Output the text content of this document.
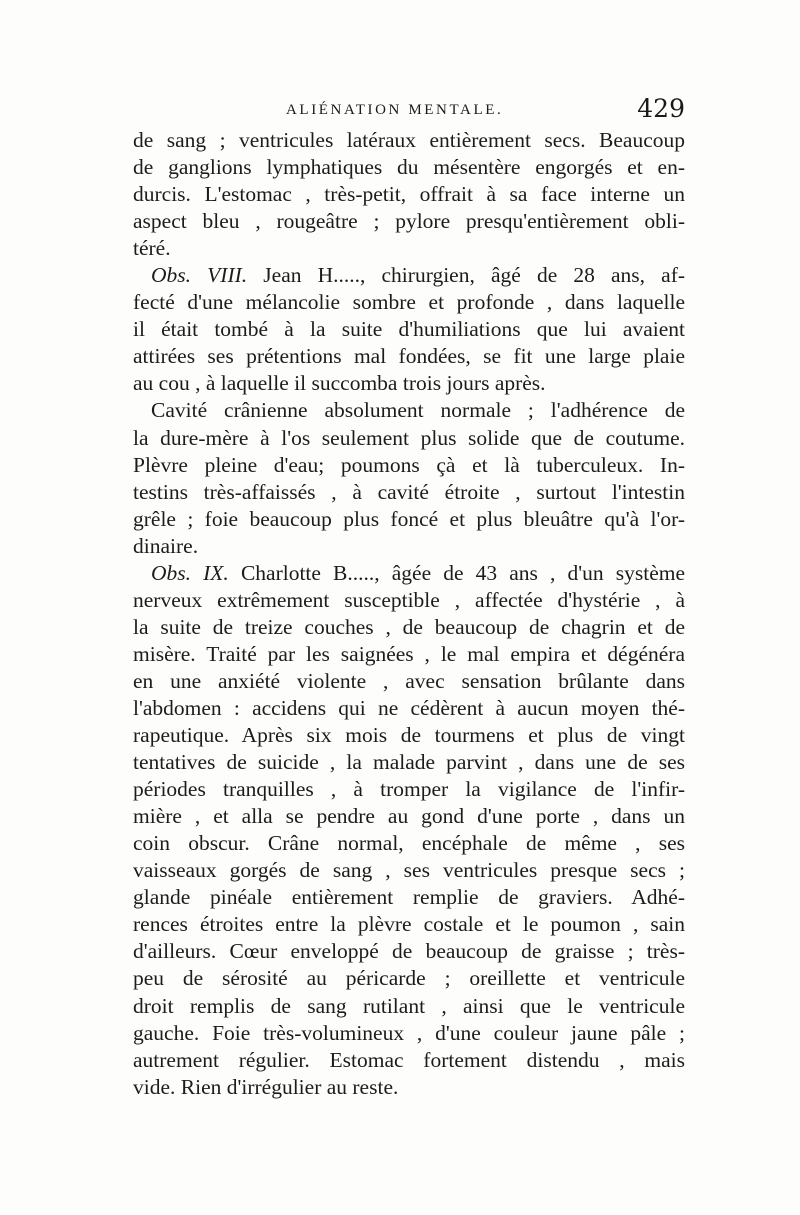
ALIÉNATION MENTALE.	429
de sang ; ventricules latéraux entièrement secs. Beaucoup
de ganglions lymphatiques du mésentère engorgés et en-
durcis. L'estomac , très-petit, offrait à sa face interne un
aspect bleu , rougeâtre ; pylore presqu'entièrement obli-
téré.
Obs. VIII. Jean H....., chirurgien, âgé de 28 ans, af-
fecté d'une mélancolie sombre et profonde , dans laquelle
il était tombé à la suite d'humiliations que lui avaient
attirées ses prétentions mal fondées, se fit une large plaie
au cou , à laquelle il succomba trois jours après.
Cavité crânienne absolument normale ; l'adhérence de
la dure-mère à l'os seulement plus solide que de coutume.
Plèvre pleine d'eau; poumons çà et là tuberculeux. In-
testins très-affaissés , à cavité étroite , surtout l'intestin
grêle ; foie beaucoup plus foncé et plus bleuâtre qu'à l'or-
dinaire.
Obs. IX. Charlotte B....., âgée de 43 ans , d'un système
nerveux extrêmement susceptible , affectée d'hystérie , à
la suite de treize couches , de beaucoup de chagrin et de
misère. Traité par les saignées , le mal empira et dégénéra
en une anxiété violente , avec sensation brûlante dans
l'abdomen : accidens qui ne cédèrent à aucun moyen thé-
rapeutique. Après six mois de tourmens et plus de vingt
tentatives de suicide , la malade parvint , dans une de ses
périodes tranquilles , à tromper la vigilance de l'infir-
mière , et alla se pendre au gond d'une porte , dans un
coin obscur. Crâne normal, encéphale de même , ses
vaisseaux gorgés de sang , ses ventricules presque secs ;
glande pinéale entièrement remplie de graviers. Adhé-
rences étroites entre la plèvre costale et le poumon , sain
d'ailleurs. Cœur enveloppé de beaucoup de graisse ; très-
peu de sérosité au péricarde ; oreillette et ventricule
droit remplis de sang rutilant , ainsi que le ventricule
gauche. Foie très-volumineux , d'une couleur jaune pâle ;
autrement régulier. Estomac fortement distendu , mais
vide. Rien d'irrégulier au reste.
